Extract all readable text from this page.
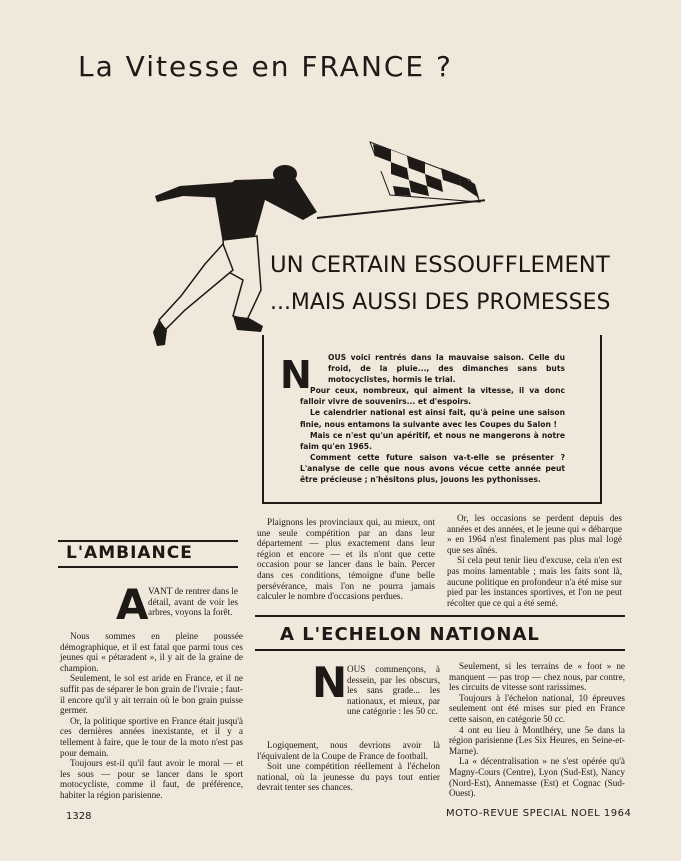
La Vitesse en FRANCE ?
UN CERTAIN ESSOUFFLEMENT
...MAIS AUSSI DES PROMESSES
N OUS voici rentrés dans la mauvaise saison. Celle du froid, de la pluie..., des dimanches sans buts motocyclistes, hormis le trial.

Pour ceux, nombreux, qui aiment la vitesse, il va donc falloir vivre de souvenirs... et d'espoirs.

Le calendrier national est ainsi fait, qu'à peine une saison finie, nous entamons la suivante avec les Coupes du Salon !

Mais ce n'est qu'un apéritif, et nous ne mangerons à notre faim qu'en 1965.

Comment cette future saison va-t-elle se présenter ? L'analyse de celle que nous avons vécue cette année peut être précieuse ; n'hésitons plus, jouons les pythonisses.

L'AMBIANCE
A VANT de rentrer dans le détail, avant de voir les arbres, voyons la forêt.

Nous sommes en pleine poussée démographique, et il est fatal que parmi tous ces jeunes qui « pétaradent », il y ait de la graine de champion.

Seulement, le sol est aride en France, et il ne suffit pas de séparer le bon grain de l'ivraie ; faut-il encore qu'il y ait terrain où le bon grain puisse germer.

Or, la politique sportive en France était jusqu'à ces dernières années inexistante, et il y a tellement à faire, que le tour de la moto n'est pas pour demain.

Toujours est-il qu'il faut avoir le moral — et les sous — pour se lancer dans le sport motocycliste, comme il faut, de préférence, habiter la région parisienne.

Plaignons les provinciaux qui, au mieux, ont une seule compétition par an dans leur département — plus exactement dans leur région et encore — et ils n'ont que cette occasion pour se lancer dans le bain. Percer dans ces conditions, témoigne d'une belle persévérance, mais l'on ne pourra jamais calculer le nombre d'occasions perdues.

Or, les occasions se perdent depuis des années et des années, et le jeune qui « débarque » en 1964 n'est finalement pas plus mal logé que ses aînés.

Si cela peut tenir lieu d'excuse, cela n'en est pas moins lamentable ; mais les faits sont là, aucune politique en profondeur n'a été mise sur pied par les instances sportives, et l'on ne peut récolter que ce qui a été semé.

A L'ECHELON NATIONAL
N OUS commençons, à dessein, par les obscurs, les sans grade... les nationaux, et mieux, par une catégorie : les 50 cc.

Logiquement, nous devrions avoir là l'équivalent de la Coupe de France de football.

Soit une compétition réellement à l'échelon national, où la jeunesse du pays tout entier devrait tenter ses chances.

Seulement, si les terrains de « foot » ne manquent — pas trop — chez nous, par contre, les circuits de vitesse sont rarissimes.

Toujours à l'échelon national, 10 épreuves seulement ont été mises sur pied en France cette saison, en catégorie 50 cc.

4 ont eu lieu à Montlhéry, une 5e dans la région parisienne (Les Six Heures, en Seine-et-Marne).

La « décentralisation » ne s'est opérée qu'à Magny-Cours (Centre), Lyon (Sud-Est), Nancy (Nord-Est), Annemasse (Est) et Cognac (Sud-Ouest).

1328	MOTO-REVUE SPECIAL NOEL 1964
